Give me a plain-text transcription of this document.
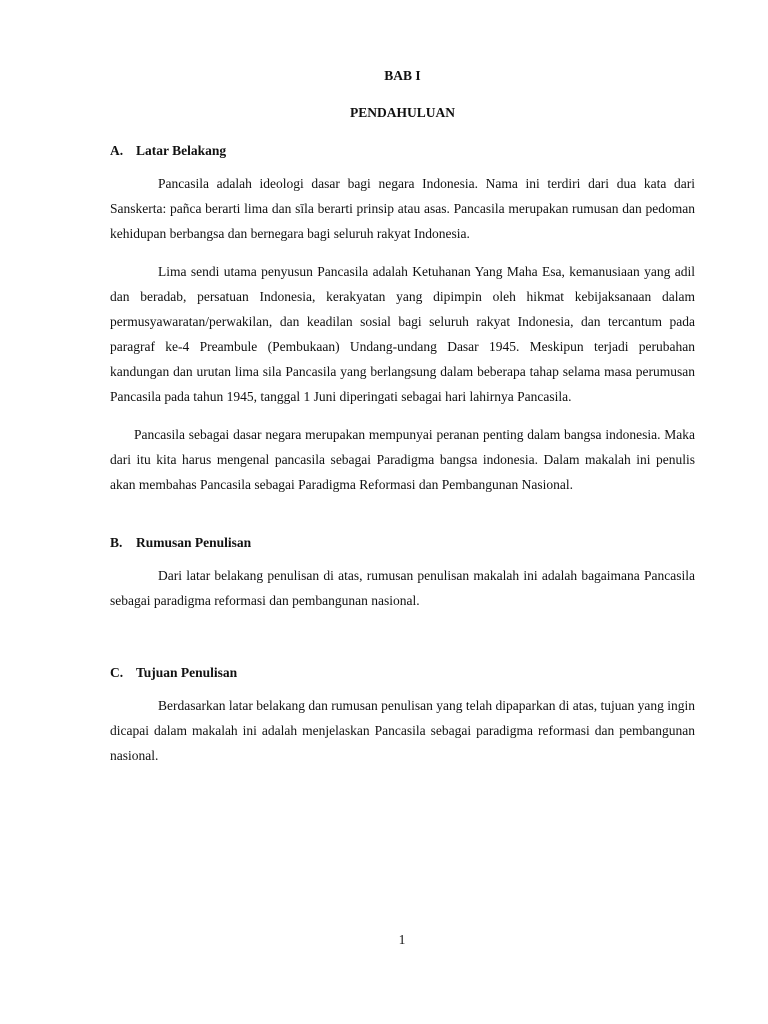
BAB I
PENDAHULUAN
A. Latar Belakang

Pancasila adalah ideologi dasar bagi negara Indonesia. Nama ini terdiri dari dua kata dari Sanskerta: pañca berarti lima dan sīla berarti prinsip atau asas. Pancasila merupakan rumusan dan pedoman kehidupan berbangsa dan bernegara bagi seluruh rakyat Indonesia.

Lima sendi utama penyusun Pancasila adalah Ketuhanan Yang Maha Esa, kemanusiaan yang adil dan beradab, persatuan Indonesia, kerakyatan yang dipimpin oleh hikmat kebijaksanaan dalam permusyawaratan/perwakilan, dan keadilan sosial bagi seluruh rakyat Indonesia, dan tercantum pada paragraf ke-4 Preambule (Pembukaan) Undang-undang Dasar 1945. Meskipun terjadi perubahan kandungan dan urutan lima sila Pancasila yang berlangsung dalam beberapa tahap selama masa perumusan Pancasila pada tahun 1945, tanggal 1 Juni diperingati sebagai hari lahirnya Pancasila.

Pancasila sebagai dasar negara merupakan mempunyai peranan penting dalam bangsa indonesia. Maka dari itu kita harus mengenal pancasila sebagai Paradigma bangsa indonesia. Dalam makalah ini penulis akan membahas Pancasila sebagai Paradigma Reformasi dan Pembangunan Nasional.

B. Rumusan Penulisan

Dari latar belakang penulisan di atas, rumusan penulisan makalah ini adalah bagaimana Pancasila sebagai paradigma reformasi dan pembangunan nasional.

C. Tujuan Penulisan

Berdasarkan latar belakang dan rumusan penulisan yang telah dipaparkan di atas, tujuan yang ingin dicapai dalam makalah ini adalah menjelaskan Pancasila sebagai paradigma reformasi dan pembangunan nasional.

1
